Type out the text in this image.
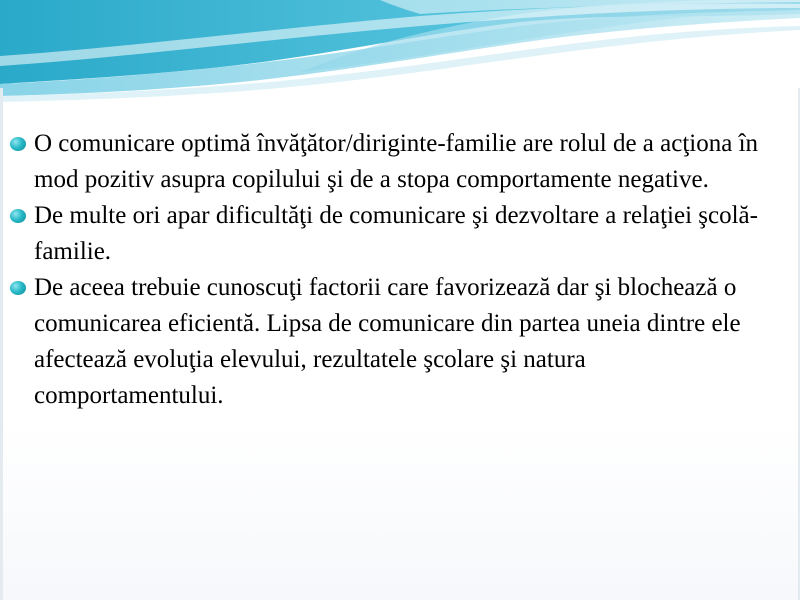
O comunicare optimă învăţător/diriginte-familie are rolul de a acţiona în mod pozitiv asupra copilului şi de a stopa comportamente negative.
De multe ori apar dificultăţi de comunicare şi dezvoltare a relaţiei şcolă-familie.
De aceea trebuie cunoscuţi factorii care favorizează dar şi blochează o comunicarea eficientă. Lipsa de comunicare din partea uneia dintre ele afectează evoluţia elevului, rezultatele şcolare şi natura comportamentului.
